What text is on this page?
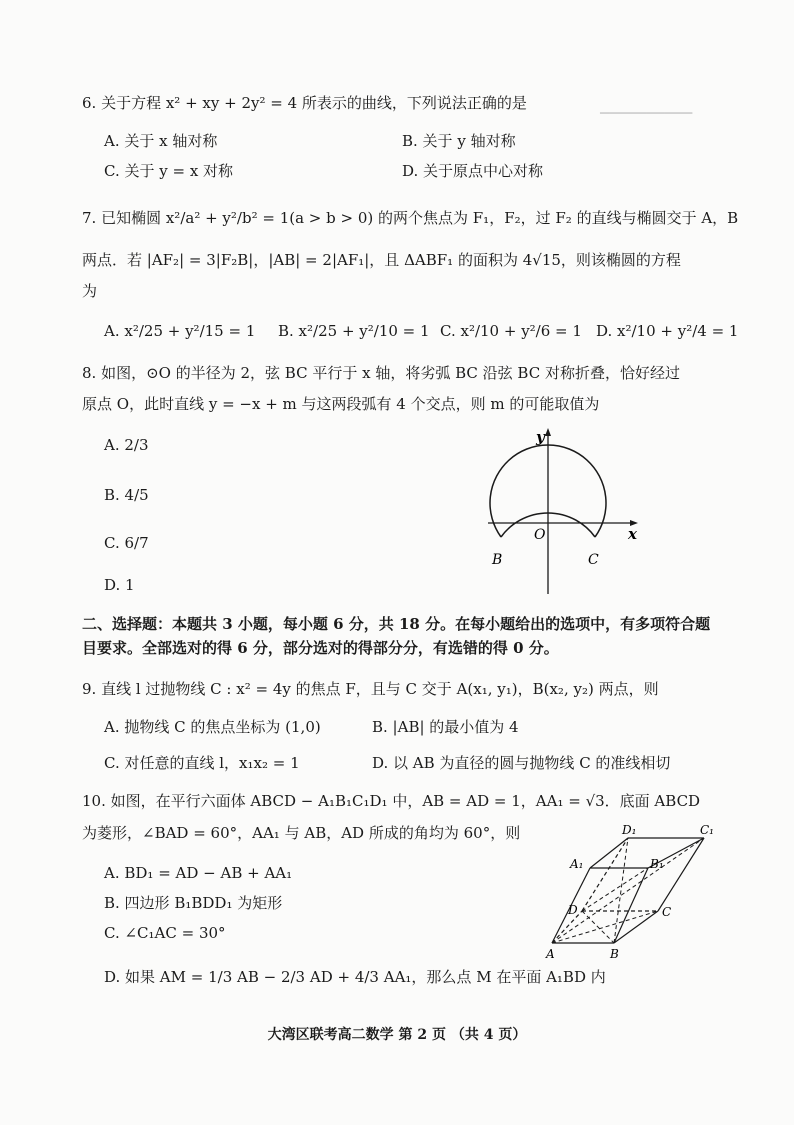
▁▁▁▁▁▁▁▁▁▁
6. 关于方程 x² + xy + 2y² = 4 所表示的曲线，下列说法正确的是
A. 关于 x 轴对称	B. 关于 y 轴对称
C. 关于 y = x 对称	D. 关于原点中心对称
7. 已知椭圆 x²/a² + y²/b² = 1(a > b > 0) 的两个焦点为 F₁，F₂，过 F₂ 的直线与椭圆交于 A，B
两点．若 |AF₂| = 3|F₂B|，|AB| = 2|AF₁|，且 ΔABF₁ 的面积为 4√15，则该椭圆的方程
为
A. x²/25 + y²/15 = 1 B. x²/25 + y²/10 = 1 C. x²/10 + y²/6 = 1 D. x²/10 + y²/4 = 1
8. 如图，⊙O 的半径为 2，弦 BC 平行于 x 轴，将劣弧 BC 沿弦 BC 对称折叠，恰好经过
原点 O，此时直线 y = −x + m 与这两段弧有 4 个交点，则 m 的可能取值为
A. 2/3
B. 4/5
C. 6/7
D. 1
y
x
O
B	C
二、选择题：本题共 3 小题，每小题 6 分，共 18 分。在每小题给出的选项中，有多项符合题目要求。全部选对的得 6 分，部分选对的得部分分，有选错的得 0 分。
9. 直线 l 过抛物线 C : x² = 4y 的焦点 F，且与 C 交于 A(x₁, y₁)，B(x₂, y₂) 两点，则
A. 抛物线 C 的焦点坐标为 (1,0)	B. |AB| 的最小值为 4
C. 对任意的直线 l，x₁x₂ = 1	D. 以 AB 为直径的圆与抛物线 C 的准线相切
10. 如图，在平行六面体 ABCD − A₁B₁C₁D₁ 中，AB = AD = 1，AA₁ = √3．底面 ABCD
为菱形，∠BAD = 60°，AA₁ 与 AB，AD 所成的角均为 60°，则
A. BD₁ = AD − AB + AA₁
B. 四边形 B₁BDD₁ 为矩形
C. ∠C₁AC = 30°
D. 如果 AM = 1/3 AB − 2/3 AD + 4/3 AA₁，那么点 M 在平面 A₁BD 内
D₁	C₁
A₁	B₁
D	C
A	B
大湾区联考高二数学 第 2 页 （共 4 页）
